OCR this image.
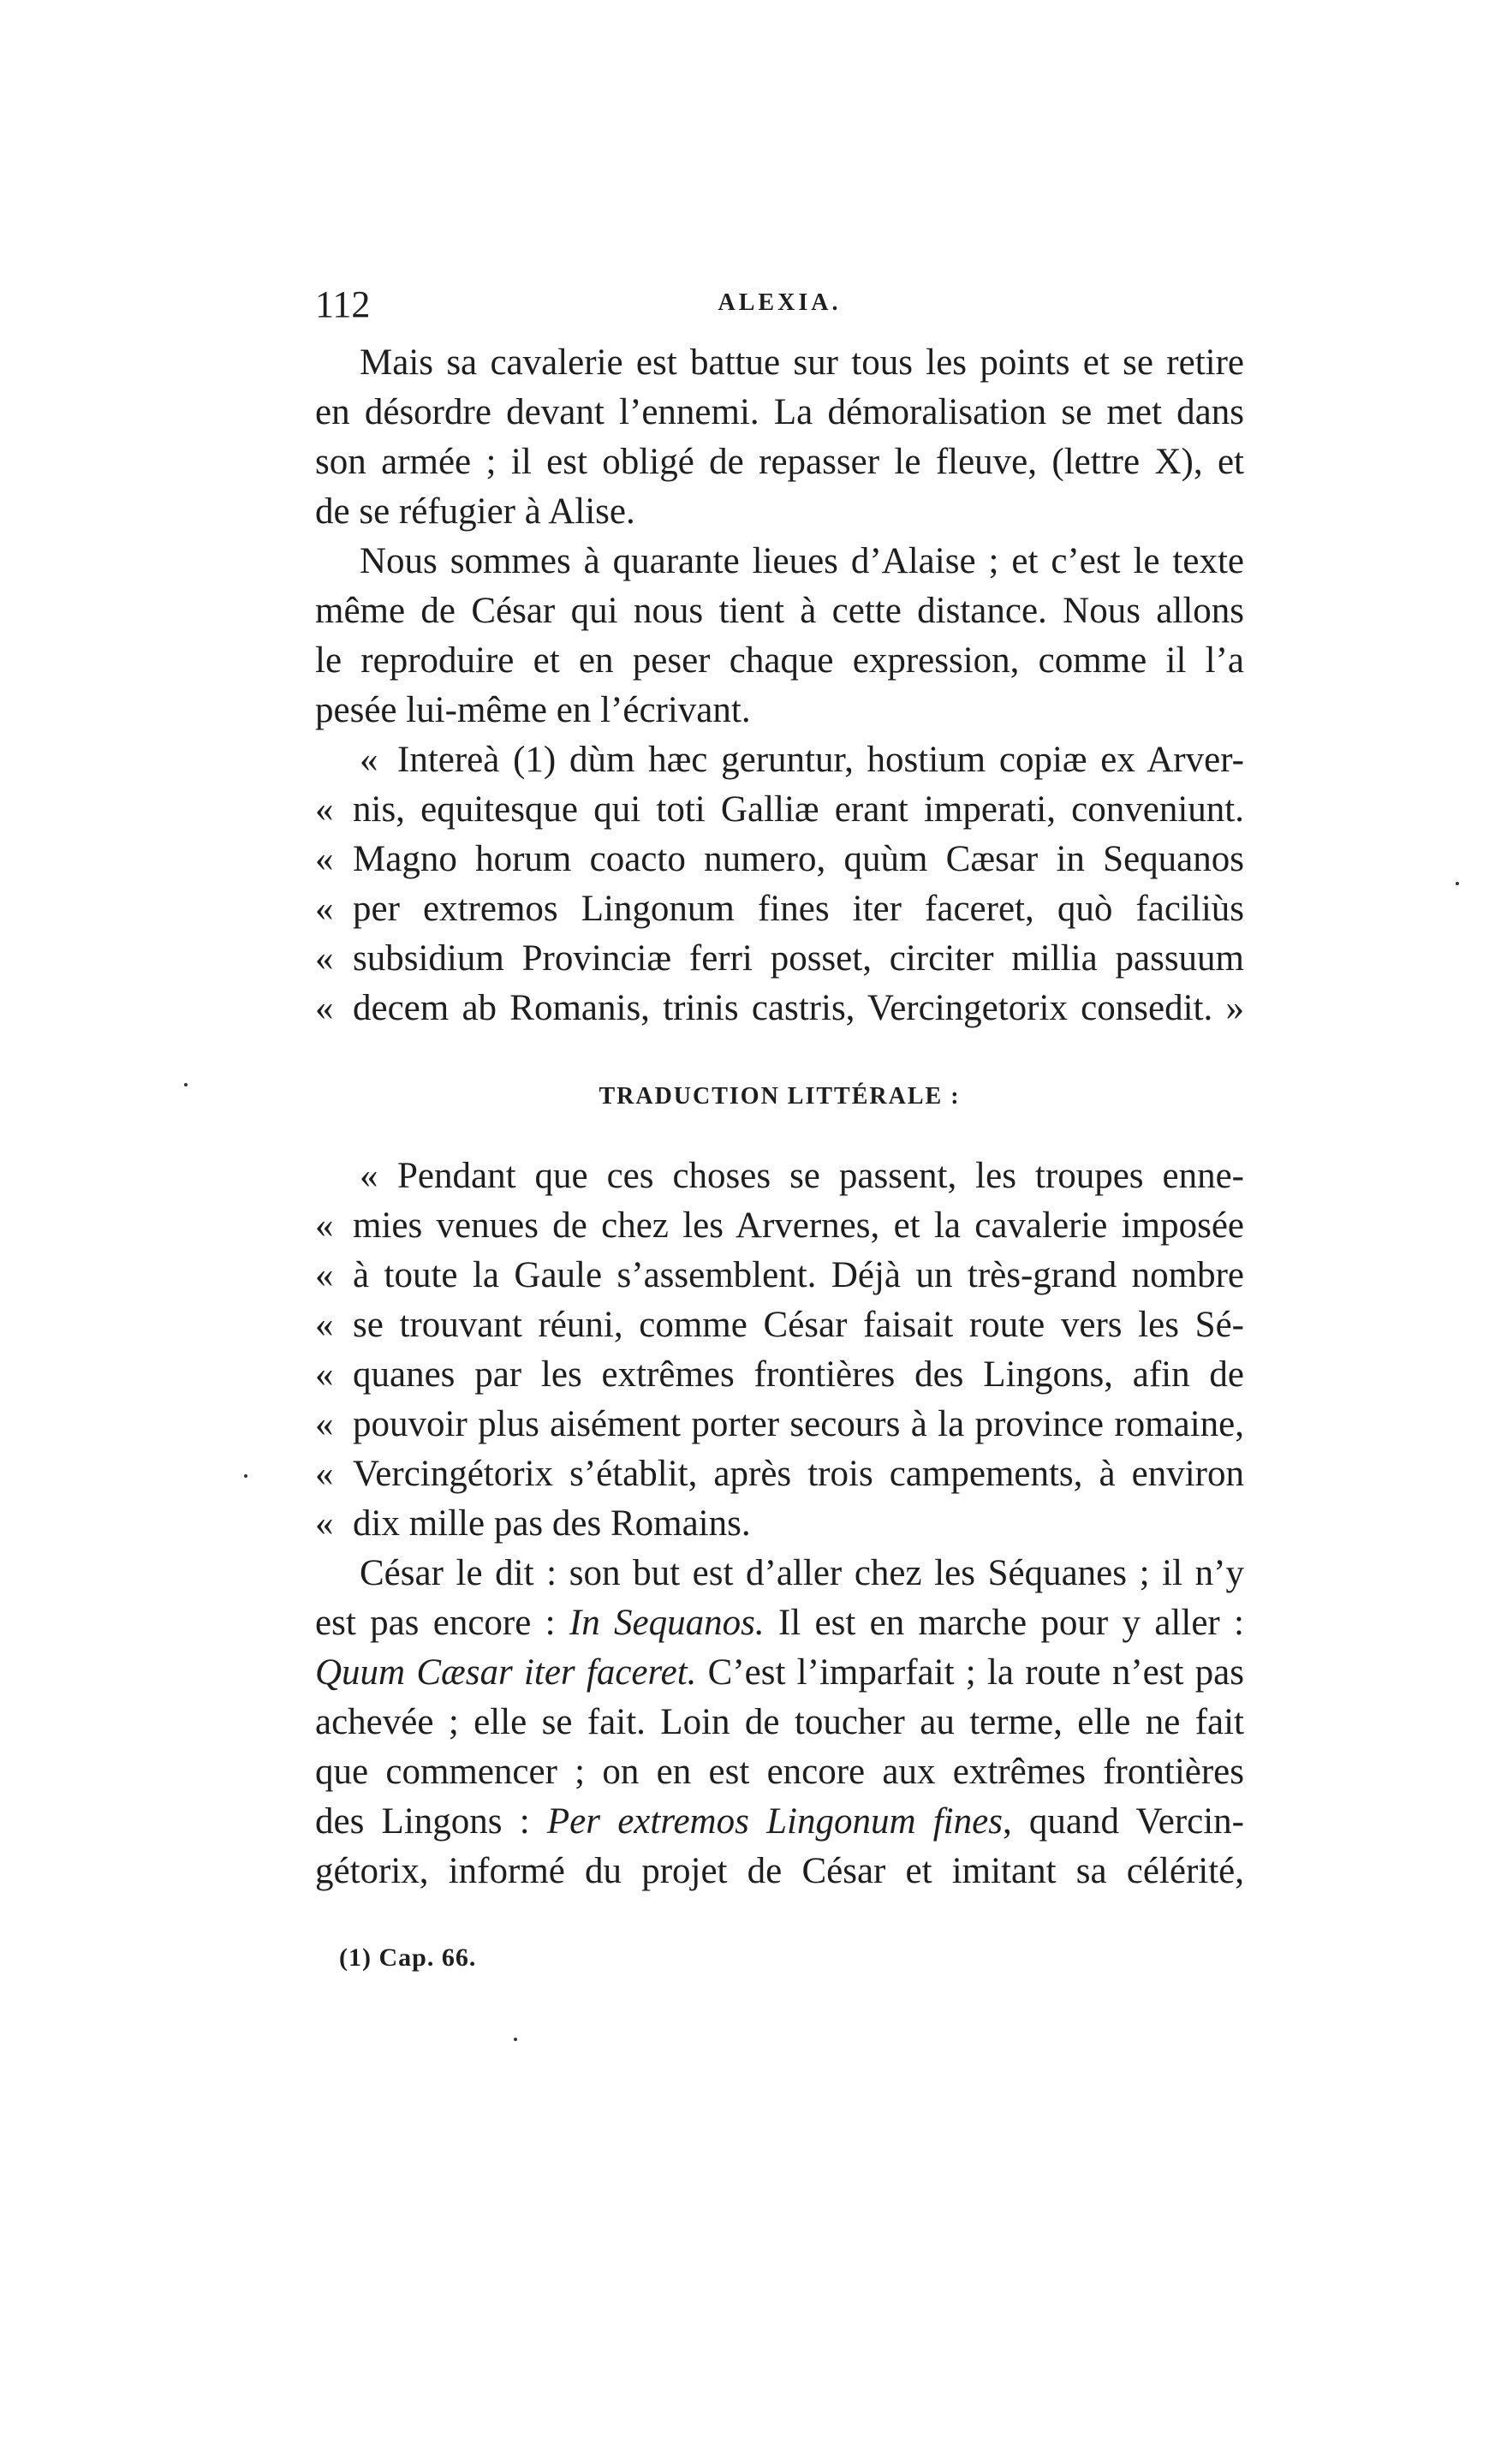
112	ALEXIA.
Mais sa cavalerie est battue sur tous les points et se retire
en désordre devant l’ennemi. La démoralisation se met dans
son armée ; il est obligé de repasser le fleuve, (lettre X), et
de se réfugier à Alise.
Nous sommes à quarante lieues d’Alaise ; et c’est le texte
même de César qui nous tient à cette distance. Nous allons
le reproduire et en peser chaque expression, comme il l’a
pesée lui-même en l’écrivant.
« Intereà (1) dùm hæc geruntur, hostium copiæ ex Arver-
« nis, equitesque qui toti Galliæ erant imperati, conveniunt.
« Magno horum coacto numero, quùm Cæsar in Sequanos
« per extremos Lingonum fines iter faceret, quò faciliùs
« subsidium Provinciæ ferri posset, circiter millia passuum
« decem ab Romanis, trinis castris, Vercingetorix consedit. »
TRADUCTION LITTÉRALE :
« Pendant que ces choses se passent, les troupes enne-
« mies venues de chez les Arvernes, et la cavalerie imposée
« à toute la Gaule s’assemblent. Déjà un très-grand nombre
« se trouvant réuni, comme César faisait route vers les Sé-
« quanes par les extrêmes frontières des Lingons, afin de
« pouvoir plus aisément porter secours à la province romaine,
« Vercingétorix s’établit, après trois campements, à environ
« dix mille pas des Romains.
César le dit : son but est d’aller chez les Séquanes ; il n’y
est pas encore : In Sequanos. Il est en marche pour y aller :
Quum Cæsar iter faceret. C’est l’imparfait ; la route n’est pas
achevée ; elle se fait. Loin de toucher au terme, elle ne fait
que commencer ; on en est encore aux extrêmes frontières
des Lingons : Per extremos Lingonum fines, quand Vercin-
gétorix, informé du projet de César et imitant sa célérité,
(1) Cap. 66.
